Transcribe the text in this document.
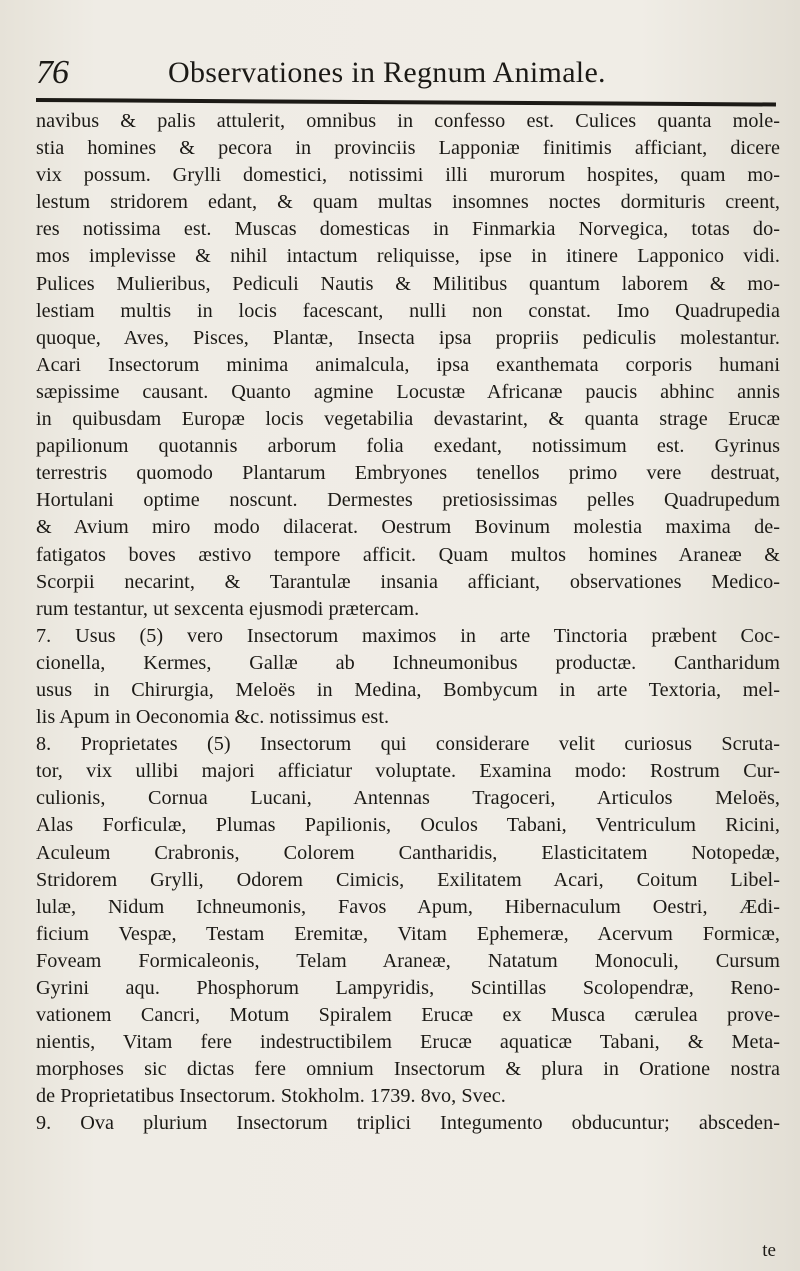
76	Observationes in Regnum Animale.
navibus & palis attulerit, omnibus in confesso est. Culices quanta mole-
stia homines & pecora in provinciis Lapponiæ finitimis afficiant, dicere
vix possum. Grylli domestici, notissimi illi murorum hospites, quam mo-
lestum stridorem edant, & quam multas insomnes noctes dormituris creent,
res notissima est. Muscas domesticas in Finmarkia Norvegica, totas do-
mos implevisse & nihil intactum reliquisse, ipse in itinere Lapponico vidi.
Pulices Mulieribus, Pediculi Nautis & Militibus quantum laborem & mo-
lestiam multis in locis facescant, nulli non constat. Imo Quadrupedia
quoque, Aves, Pisces, Plantæ, Insecta ipsa propriis pediculis molestantur.
Acari Insectorum minima animalcula, ipsa exanthemata corporis humani
sæpissime causant. Quanto agmine Locustæ Africanæ paucis abhinc annis
in quibusdam Europæ locis vegetabilia devastarint, & quanta strage Erucæ
papilionum quotannis arborum folia exedant, notissimum est. Gyrinus
terrestris quomodo Plantarum Embryones tenellos primo vere destruat,
Hortulani optime noscunt. Dermestes pretiosissimas pelles Quadrupedum
& Avium miro modo dilacerat. Oestrum Bovinum molestia maxima de-
fatigatos boves æstivo tempore afficit. Quam multos homines Araneæ &
Scorpii necarint, & Tarantulæ insania afficiant, observationes Medico-
rum testantur, ut sexcenta ejusmodi prætercam.
7. Usus (5) vero Insectorum maximos in arte Tinctoria præbent Coc-
cionella, Kermes, Gallæ ab Ichneumonibus productæ. Cantharidum
usus in Chirurgia, Meloës in Medina, Bombycum in arte Textoria, mel-
lis Apum in Oeconomia &c. notissimus est.
8. Proprietates (5) Insectorum qui considerare velit curiosus Scruta-
tor, vix ullibi majori afficiatur voluptate. Examina modo: Rostrum Cur-
culionis, Cornua Lucani, Antennas Tragoceri, Articulos Meloës,
Alas Forficulæ, Plumas Papilionis, Oculos Tabani, Ventriculum Ricini,
Aculeum Crabronis, Colorem Cantharidis, Elasticitatem Notopedæ,
Stridorem Grylli, Odorem Cimicis, Exilitatem Acari, Coitum Libel-
lulæ, Nidum Ichneumonis, Favos Apum, Hibernaculum Oestri, Ædi-
ficium Vespæ, Testam Eremitæ, Vitam Ephemeræ, Acervum Formicæ,
Foveam Formicaleonis, Telam Araneæ, Natatum Monoculi, Cursum
Gyrini aqu. Phosphorum Lampyridis, Scintillas Scolopendræ, Reno-
vationem Cancri, Motum Spiralem Erucæ ex Musca cærulea prove-
nientis, Vitam fere indestructibilem Erucæ aquaticæ Tabani, & Meta-
morphoses sic dictas fere omnium Insectorum & plura in Oratione nostra
de Proprietatibus Insectorum. Stokholm. 1739. 8vo, Svec.
9. Ova plurium Insectorum triplici Integumento obducuntur; absceden-
te
